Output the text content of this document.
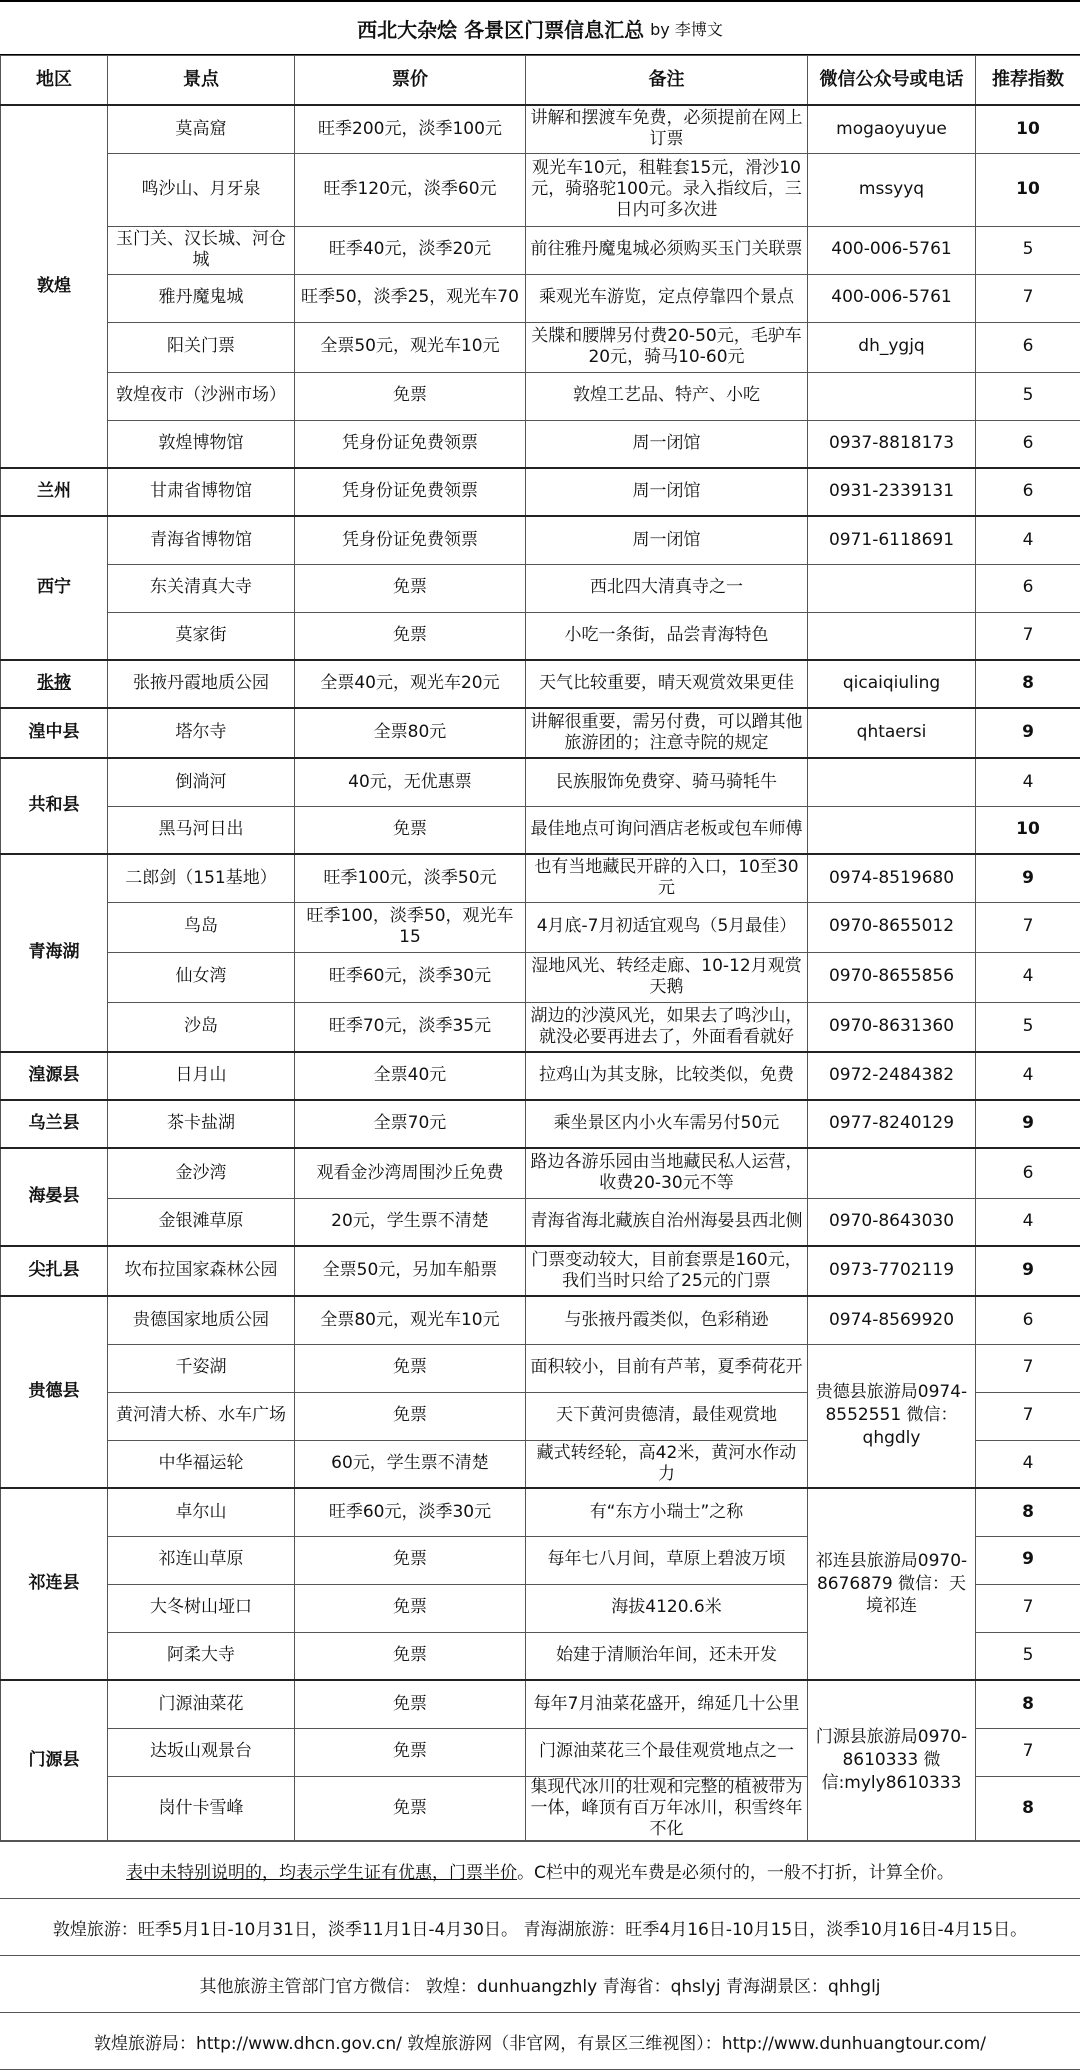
西北大杂烩 各景区门票信息汇总 by 李博文
地区	景点	票价	备注	微信公众号或电话	推荐指数
敦煌	莫高窟	旺季200元，淡季100元	讲解和摆渡车免费，必须提前在网上订票	mogaoyuyue	10
	鸣沙山、月牙泉	旺季120元，淡季60元	观光车10元，租鞋套15元，滑沙10元，骑骆驼100元。录入指纹后，三日内可多次进	mssyyq	10
	玉门关、汉长城、河仓城	旺季40元，淡季20元	前往雅丹魔鬼城必须购买玉门关联票	400-006-5761	5
	雅丹魔鬼城	旺季50，淡季25，观光车70	乘观光车游览，定点停靠四个景点	400-006-5761	7
	阳关门票	全票50元，观光车10元	关牒和腰牌另付费20-50元，毛驴车20元，骑马10-60元	dh_ygjq	6
	敦煌夜市（沙洲市场）	免票	敦煌工艺品、特产、小吃		5
	敦煌博物馆	凭身份证免费领票	周一闭馆	0937-8818173	6
兰州	甘肃省博物馆	凭身份证免费领票	周一闭馆	0931-2339131	6
西宁	青海省博物馆	凭身份证免费领票	周一闭馆	0971-6118691	4
	东关清真大寺	免票	西北四大清真寺之一		6
	莫家街	免票	小吃一条街，品尝青海特色		7
张掖	张掖丹霞地质公园	全票40元，观光车20元	天气比较重要，晴天观赏效果更佳	qicaiqiuling	8
湟中县	塔尔寺	全票80元	讲解很重要，需另付费，可以蹭其他旅游团的；注意寺院的规定	qhtaersi	9
共和县	倒淌河	40元，无优惠票	民族服饰免费穿、骑马骑牦牛		4
	黑马河日出	免票	最佳地点可询问酒店老板或包车师傅		10
青海湖	二郎剑（151基地）	旺季100元，淡季50元	也有当地藏民开辟的入口，10至30元	0974-8519680	9
	鸟岛	旺季100，淡季50，观光车15	4月底-7月初适宜观鸟（5月最佳）	0970-8655012	7
	仙女湾	旺季60元，淡季30元	湿地风光、转经走廊、10-12月观赏天鹅	0970-8655856	4
	沙岛	旺季70元，淡季35元	湖边的沙漠风光，如果去了鸣沙山，就没必要再进去了，外面看看就好	0970-8631360	5
湟源县	日月山	全票40元	拉鸡山为其支脉，比较类似，免费	0972-2484382	4
乌兰县	茶卡盐湖	全票70元	乘坐景区内小火车需另付50元	0977-8240129	9
海晏县	金沙湾	观看金沙湾周围沙丘免费	路边各游乐园由当地藏民私人运营，收费20-30元不等		6
	金银滩草原	20元，学生票不清楚	青海省海北藏族自治州海晏县西北侧	0970-8643030	4
尖扎县	坎布拉国家森林公园	全票50元，另加车船票	门票变动较大，目前套票是160元，我们当时只给了25元的门票	0973-7702119	9
贵德县	贵德国家地质公园	全票80元，观光车10元	与张掖丹霞类似，色彩稍逊	0974-8569920	6
	千姿湖	免票	面积较小，目前有芦苇，夏季荷花开	贵德县旅游局0974-8552551 微信：qhgdly	7
	黄河清大桥、水车广场	免票	天下黄河贵德清，最佳观赏地		7
	中华福运轮	60元，学生票不清楚	藏式转经轮，高42米，黄河水作动力		4
祁连县	卓尔山	旺季60元，淡季30元	有“东方小瑞士”之称	祁连县旅游局0970-8676879 微信：天境祁连	8
	祁连山草原	免票	每年七八月间，草原上碧波万顷		9
	大冬树山垭口	免票	海拔4120.6米		7
	阿柔大寺	免票	始建于清顺治年间，还未开发		5
门源县	门源油菜花	免票	每年7月油菜花盛开，绵延几十公里	门源县旅游局0970-8610333 微信:myly8610333	8
	达坂山观景台	免票	门源油菜花三个最佳观赏地点之一		7
	岗什卡雪峰	免票	集现代冰川的壮观和完整的植被带为一体，峰顶有百万年冰川，积雪终年不化		8
表中未特别说明的，均表示学生证有优惠，门票半价 。C栏中的观光车费是必须付的，一般不打折，计算全价。
敦煌旅游：旺季5月1日-10月31日，淡季11月1日-4月30日。 青海湖旅游：旺季4月16日-10月15日，淡季10月16日-4月15日。
其他旅游主管部门官方微信： 敦煌：dunhuangzhly 青海省：qhslyj 青海湖景区：qhhglj
敦煌旅游局：http://www.dhcn.gov.cn/ 敦煌旅游网（非官网，有景区三维视图）：http://www.dunhuangtour.com/
